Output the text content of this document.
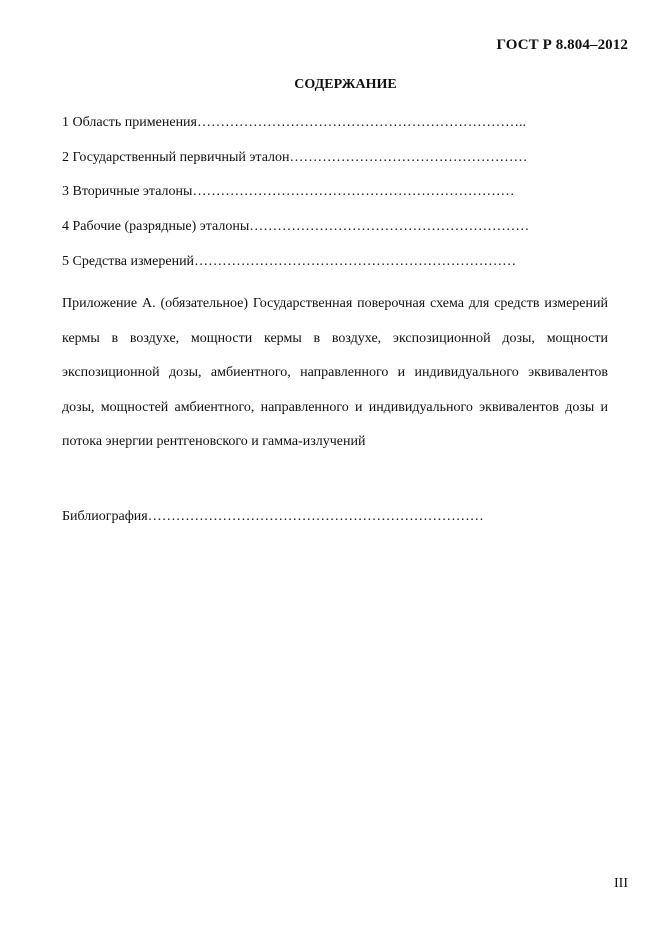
ГОСТ Р 8.804–2012
СОДЕРЖАНИЕ
1 Область применения……………………………………………………………..
2 Государственный первичный эталон……………………………………………
3 Вторичные эталоны……………………………………………………………
4 Рабочие (разрядные) эталоны……………………………………………………
5 Средства измерений……………………………………………………………
Приложение А. (обязательное) Государственная поверочная схема для средств измерений кермы в воздухе, мощности кермы в воздухе, экспозиционной дозы, мощности экспозиционной дозы, амбиентного, направленного и индивидуального эквивалентов дозы, мощностей амбиентного, направленного и индивидуального эквивалентов дозы и потока энергии рентгеновского и гамма-излучений
Библиография………………………………………………………………
III
